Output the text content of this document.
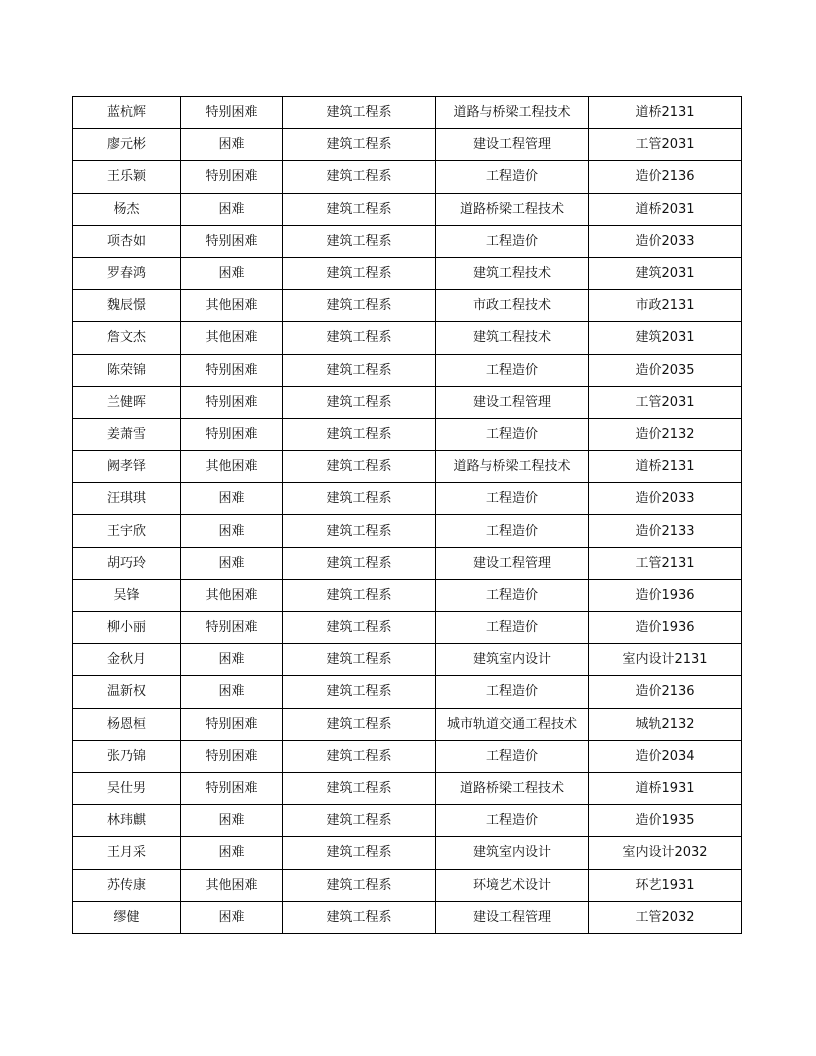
蓝杭辉	特别困难	建筑工程系	道路与桥梁工程技术	道桥2131
廖元彬	困难	建筑工程系	建设工程管理	工管2031
王乐颖	特别困难	建筑工程系	工程造价	造价2136
杨杰	困难	建筑工程系	道路桥梁工程技术	道桥2031
项杏如	特别困难	建筑工程系	工程造价	造价2033
罗春鸿	困难	建筑工程系	建筑工程技术	建筑2031
魏辰憬	其他困难	建筑工程系	市政工程技术	市政2131
詹文杰	其他困难	建筑工程系	建筑工程技术	建筑2031
陈荣锦	特别困难	建筑工程系	工程造价	造价2035
兰健晖	特别困难	建筑工程系	建设工程管理	工管2031
姜萧雪	特别困难	建筑工程系	工程造价	造价2132
阙孝铎	其他困难	建筑工程系	道路与桥梁工程技术	道桥2131
汪琪琪	困难	建筑工程系	工程造价	造价2033
王宇欣	困难	建筑工程系	工程造价	造价2133
胡巧玲	困难	建筑工程系	建设工程管理	工管2131
吴锋	其他困难	建筑工程系	工程造价	造价1936
柳小丽	特别困难	建筑工程系	工程造价	造价1936
金秋月	困难	建筑工程系	建筑室内设计	室内设计2131
温新权	困难	建筑工程系	工程造价	造价2136
杨恩桓	特别困难	建筑工程系	城市轨道交通工程技术	城轨2132
张乃锦	特别困难	建筑工程系	工程造价	造价2034
吴仕男	特别困难	建筑工程系	道路桥梁工程技术	道桥1931
林玮麒	困难	建筑工程系	工程造价	造价1935
王月采	困难	建筑工程系	建筑室内设计	室内设计2032
苏传康	其他困难	建筑工程系	环境艺术设计	环艺1931
缪健	困难	建筑工程系	建设工程管理	工管2032
